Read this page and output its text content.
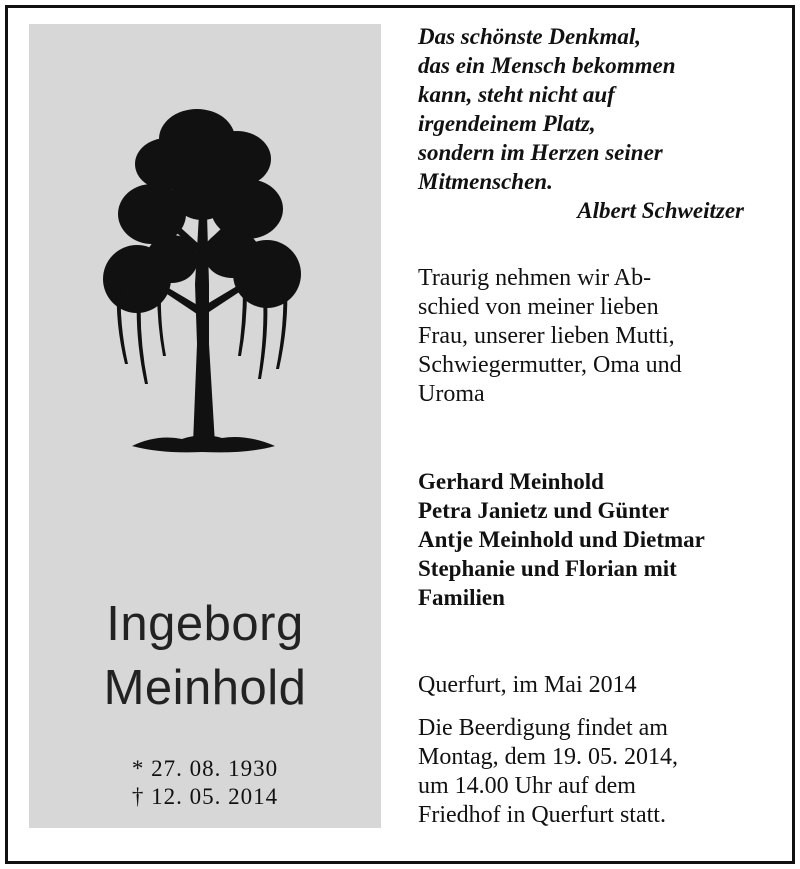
Ingeborg
Meinhold
* 27. 08. 1930
† 12. 05. 2014
Das schönste Denkmal,
das ein Mensch bekommen
kann, steht nicht auf
irgendeinem Platz,
sondern im Herzen seiner
Mitmenschen.
Albert Schweitzer
Traurig nehmen wir Ab-
schied von meiner lieben
Frau, unserer lieben Mutti,
Schwiegermutter, Oma und
Uroma
Gerhard Meinhold
Petra Janietz und Günter
Antje Meinhold und Dietmar
Stephanie und Florian mit
Familien
Querfurt, im Mai 2014
Die Beerdigung findet am
Montag, dem 19. 05. 2014,
um 14.00 Uhr auf dem
Friedhof in Querfurt statt.
